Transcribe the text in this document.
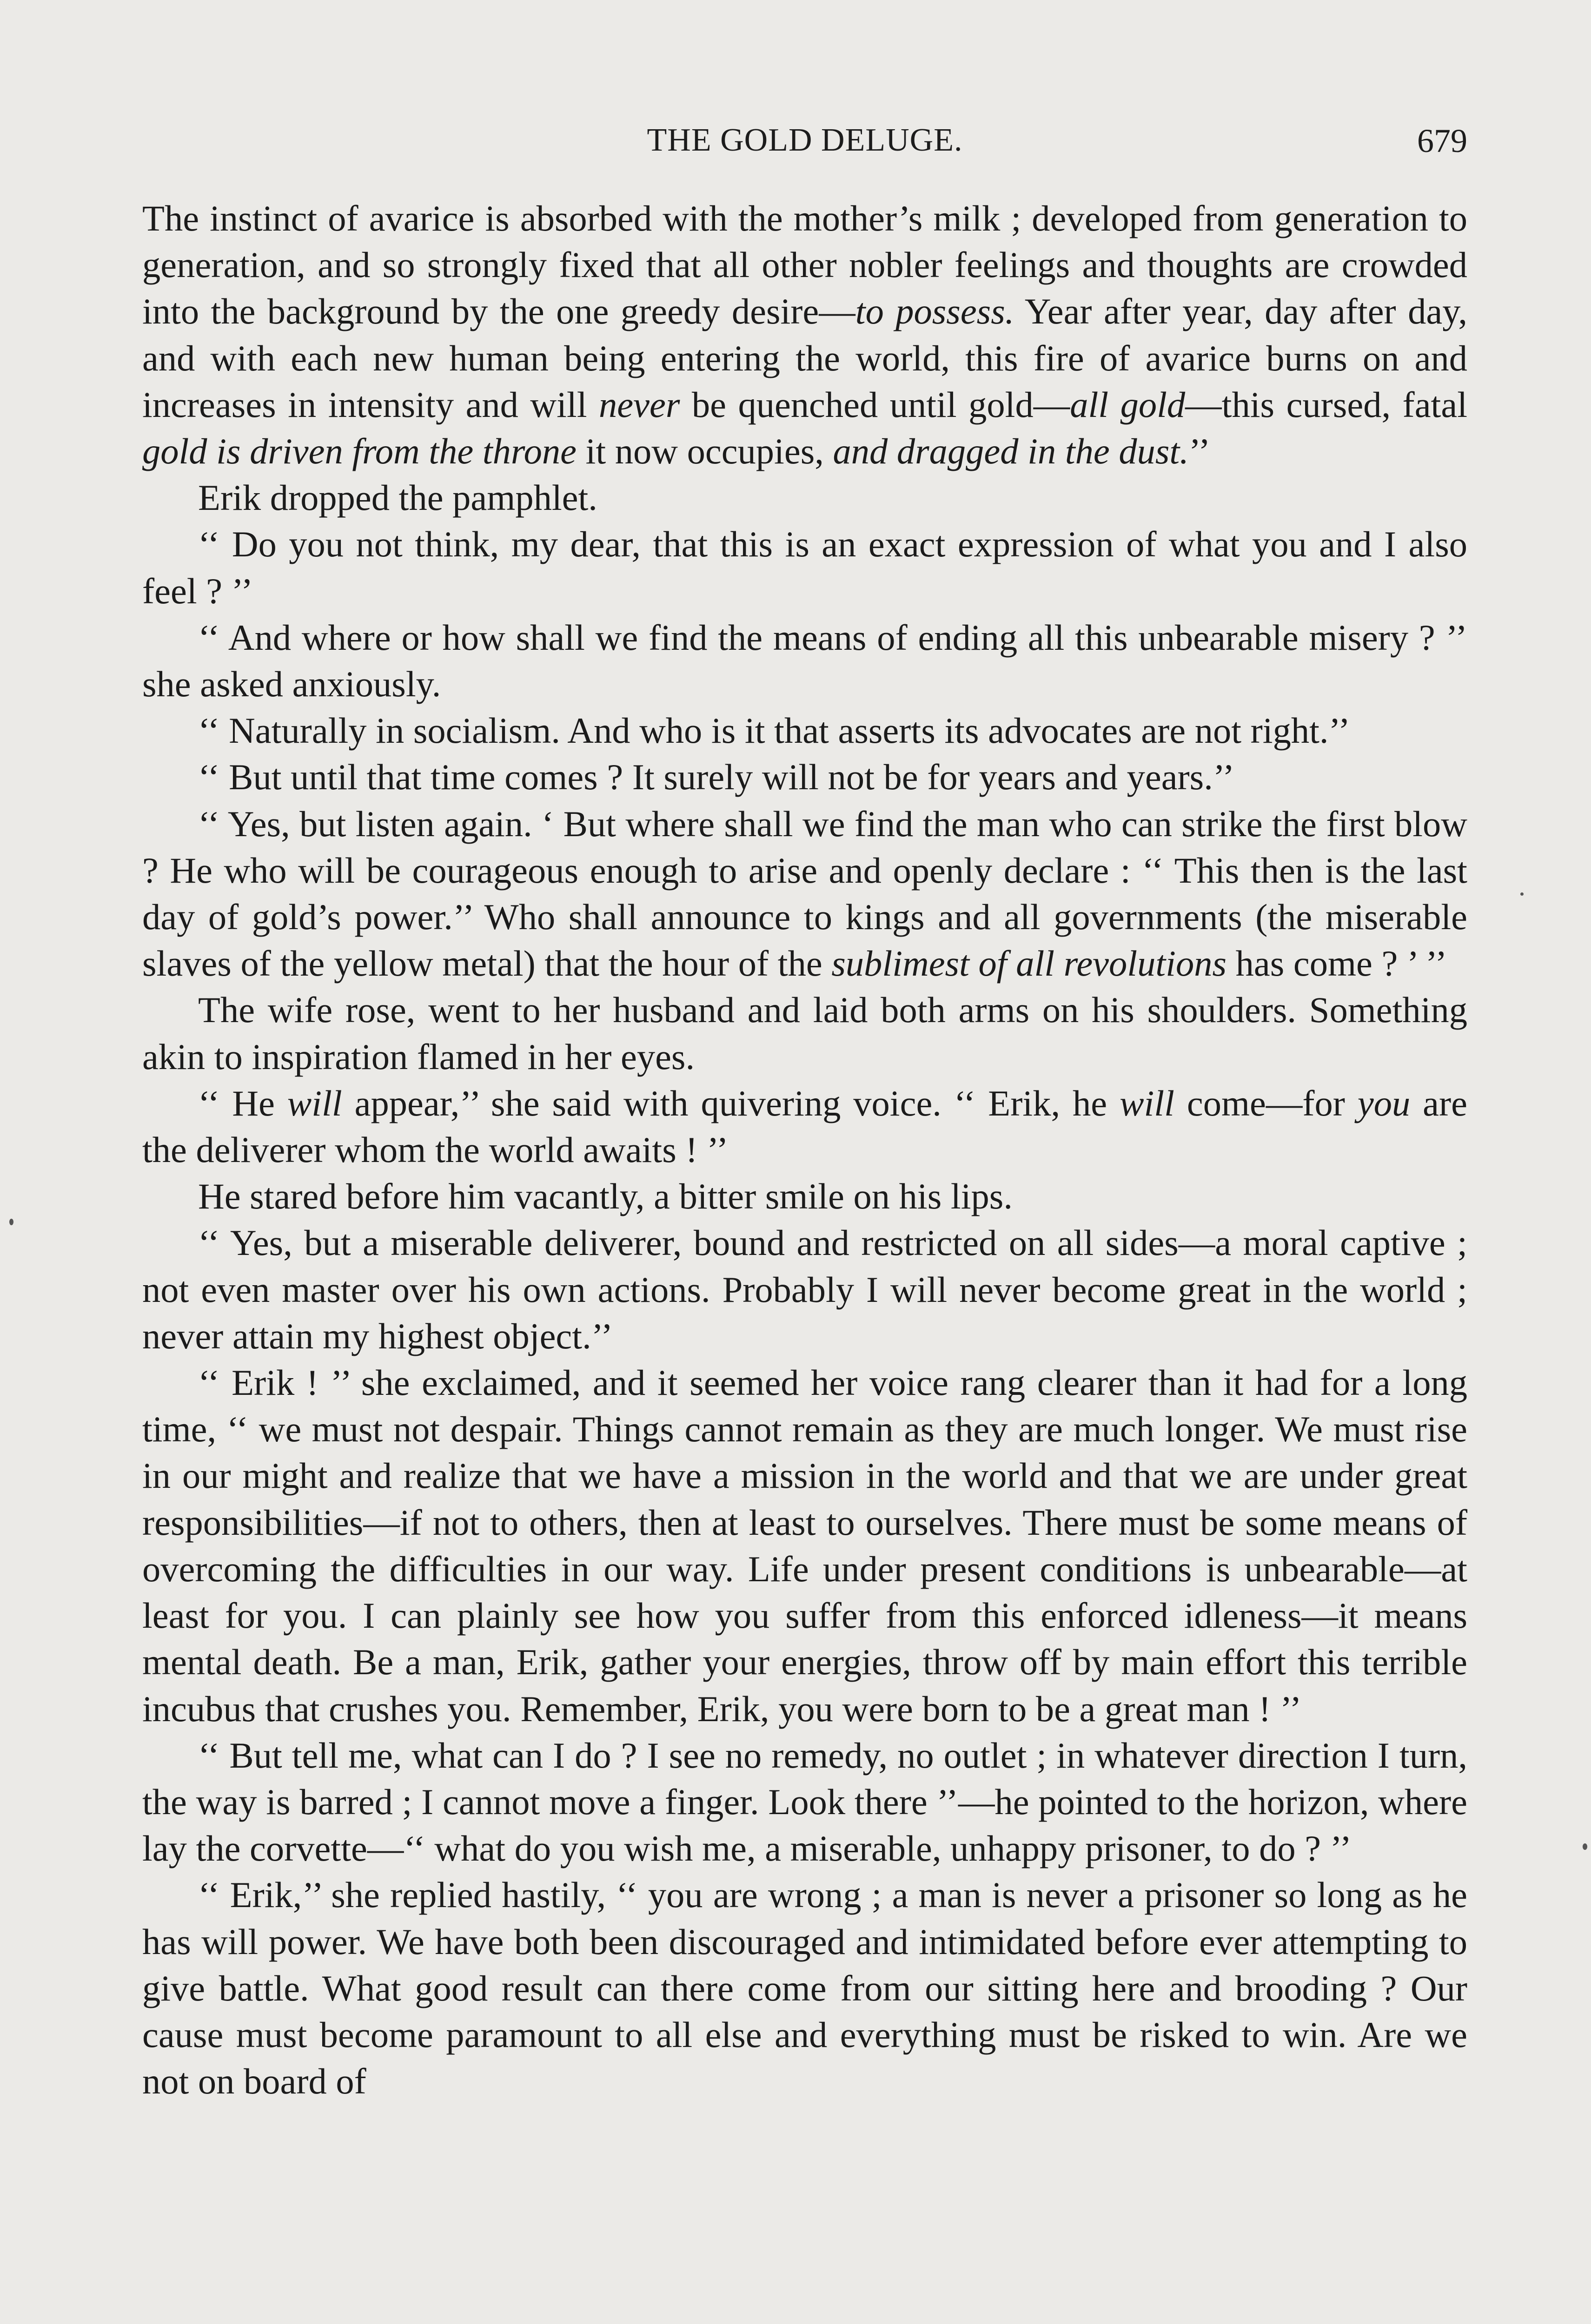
THE GOLD DELUGE.	679

The instinct of avarice is absorbed with the mother’s milk ; developed from generation to generation, and so strongly fixed that all other nobler feelings and thoughts are crowded into the background by the one greedy desire—to possess. Year after year, day after day, and with each new human being entering the world, this fire of avarice burns on and increases in intensity and will never be quenched until gold—all gold—this cursed, fatal gold is driven from the throne it now occupies, and dragged in the dust.’’

Erik dropped the pamphlet.

‘‘ Do you not think, my dear, that this is an exact expression of what you and I also feel ? ’’

‘‘ And where or how shall we find the means of ending all this unbearable misery ? ’’ she asked anxiously.

‘‘ Naturally in socialism. And who is it that asserts its advocates are not right.’’

‘‘ But until that time comes ? It surely will not be for years and years.’’

‘‘ Yes, but listen again. ‘ But where shall we find the man who can strike the first blow ? He who will be courageous enough to arise and openly declare : ‘‘ This then is the last day of gold’s power.’’ Who shall announce to kings and all governments (the miserable slaves of the yellow metal) that the hour of the sublimest of all revolutions has come ? ’ ’’

The wife rose, went to her husband and laid both arms on his shoulders. Something akin to inspiration flamed in her eyes.

‘‘ He will appear,’’ she said with quivering voice. ‘‘ Erik, he will come—for you are the deliverer whom the world awaits ! ’’

He stared before him vacantly, a bitter smile on his lips.

‘‘ Yes, but a miserable deliverer, bound and restricted on all sides—a moral captive ; not even master over his own actions. Probably I will never become great in the world ; never attain my highest object.’’

‘‘ Erik ! ’’ she exclaimed, and it seemed her voice rang clearer than it had for a long time, ‘‘ we must not despair. Things cannot remain as they are much longer. We must rise in our might and realize that we have a mission in the world and that we are under great responsibilities—if not to others, then at least to ourselves. There must be some means of overcoming the difficulties in our way. Life under present conditions is unbearable—at least for you. I can plainly see how you suffer from this enforced idleness—it means mental death. Be a man, Erik, gather your energies, throw off by main effort this terrible incubus that crushes you. Remember, Erik, you were born to be a great man ! ’’

‘‘ But tell me, what can I do ? I see no remedy, no outlet ; in whatever direction I turn, the way is barred ; I cannot move a finger. Look there ’’—he pointed to the horizon, where lay the corvette—‘‘ what do you wish me, a miserable, unhappy prisoner, to do ? ’’

‘‘ Erik,’’ she replied hastily, ‘‘ you are wrong ; a man is never a prisoner so long as he has will power. We have both been discouraged and intimidated before ever attempting to give battle. What good result can there come from our sitting here and brooding ? Our cause must become paramount to all else and everything must be risked to win. Are we not on board of
